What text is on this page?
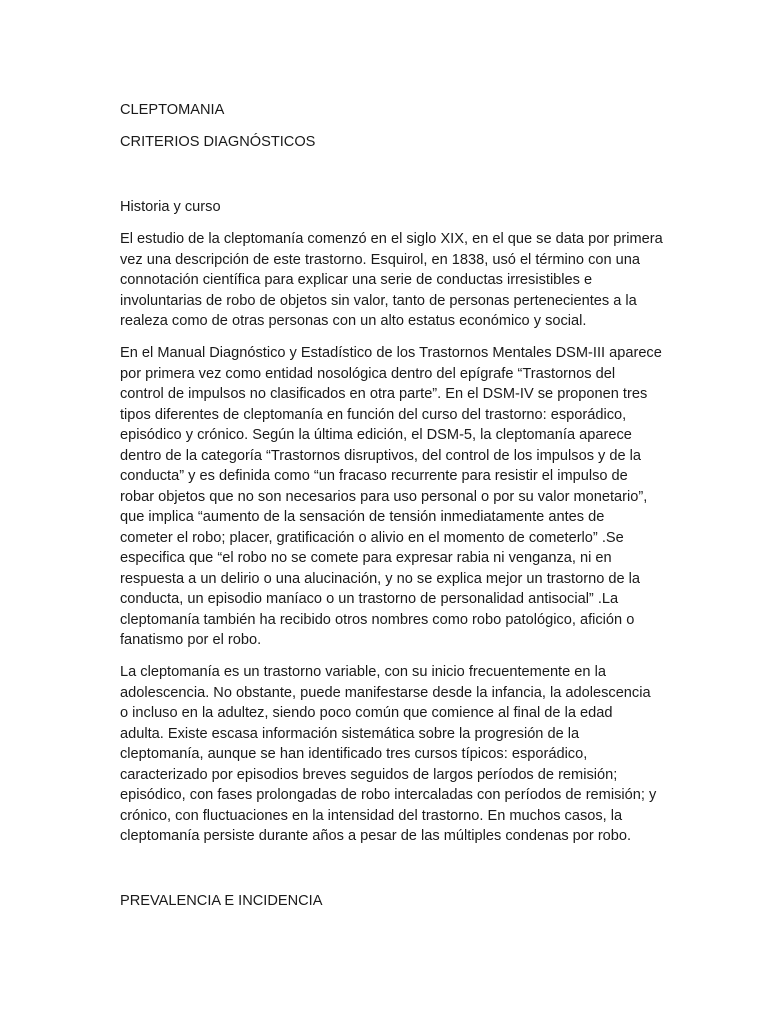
CLEPTOMANIA
CRITERIOS DIAGNÓSTICOS
Historia y curso
El estudio de la cleptomanía comenzó en el siglo XIX, en el que se data por primera
vez una descripción de este trastorno. Esquirol, en 1838, usó el término con una
connotación científica para explicar una serie de conductas irresistibles e
involuntarias de robo de objetos sin valor, tanto de personas pertenecientes a la
realeza como de otras personas con un alto estatus económico y social.
En el Manual Diagnóstico y Estadístico de los Trastornos Mentales DSM-III aparece
por primera vez como entidad nosológica dentro del epígrafe “Trastornos del
control de impulsos no clasificados en otra parte”. En el DSM-IV se proponen tres
tipos diferentes de cleptomanía en función del curso del trastorno: esporádico,
episódico y crónico. Según la última edición, el DSM-5, la cleptomanía aparece
dentro de la categoría “Trastornos disruptivos, del control de los impulsos y de la
conducta” y es definida como “un fracaso recurrente para resistir el impulso de
robar objetos que no son necesarios para uso personal o por su valor monetario”,
que implica “aumento de la sensación de tensión inmediatamente antes de
cometer el robo; placer, gratificación o alivio en el momento de cometerlo” .Se
especifica que “el robo no se comete para expresar rabia ni venganza, ni en
respuesta a un delirio o una alucinación, y no se explica mejor un trastorno de la
conducta, un episodio maníaco o un trastorno de personalidad antisocial” .La
cleptomanía también ha recibido otros nombres como robo patológico, afición o
fanatismo por el robo.
La cleptomanía es un trastorno variable, con su inicio frecuentemente en la
adolescencia. No obstante, puede manifestarse desde la infancia, la adolescencia
o incluso en la adultez, siendo poco común que comience al final de la edad
adulta. Existe escasa información sistemática sobre la progresión de la
cleptomanía, aunque se han identificado tres cursos típicos: esporádico,
caracterizado por episodios breves seguidos de largos períodos de remisión;
episódico, con fases prolongadas de robo intercaladas con períodos de remisión; y
crónico, con fluctuaciones en la intensidad del trastorno. En muchos casos, la
cleptomanía persiste durante años a pesar de las múltiples condenas por robo.
PREVALENCIA E INCIDENCIA
